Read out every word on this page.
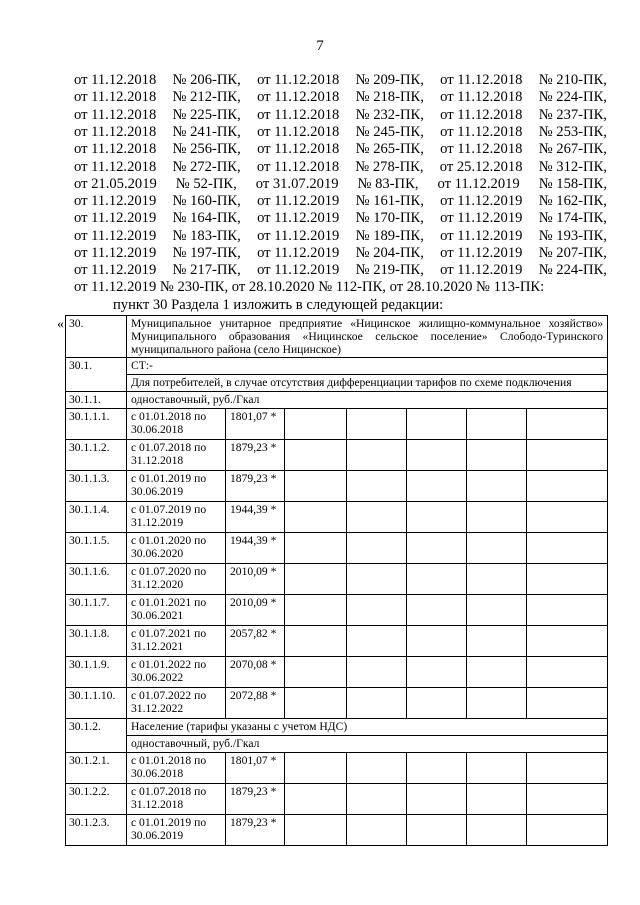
7
от 11.12.2018 № 206-ПК, от 11.12.2018 № 209-ПК, от 11.12.2018 № 210-ПК,
от 11.12.2018 № 212-ПК, от 11.12.2018 № 218-ПК, от 11.12.2018 № 224-ПК,
от 11.12.2018 № 225-ПК, от 11.12.2018 № 232-ПК, от 11.12.2018 № 237-ПК,
от 11.12.2018 № 241-ПК, от 11.12.2018 № 245-ПК, от 11.12.2018 № 253-ПК,
от 11.12.2018 № 256-ПК, от 11.12.2018 № 265-ПК, от 11.12.2018 № 267-ПК,
от 11.12.2018 № 272-ПК, от 11.12.2018 № 278-ПК, от 25.12.2018 № 312-ПК,
от 21.05.2019 № 52-ПК, от 31.07.2019 № 83-ПК, от 11.12.2019 № 158-ПК,
от 11.12.2019 № 160-ПК, от 11.12.2019 № 161-ПК, от 11.12.2019 № 162-ПК,
от 11.12.2019 № 164-ПК, от 11.12.2019 № 170-ПК, от 11.12.2019 № 174-ПК,
от 11.12.2019 № 183-ПК, от 11.12.2019 № 189-ПК, от 11.12.2019 № 193-ПК,
от 11.12.2019 № 197-ПК, от 11.12.2019 № 204-ПК, от 11.12.2019 № 207-ПК,
от 11.12.2019 № 217-ПК, от 11.12.2019 № 219-ПК, от 11.12.2019 № 224-ПК,
от 11.12.2019 № 230-ПК, от 28.10.2020 № 112-ПК, от 28.10.2020 № 113-ПК:
пункт 30 Раздела 1 изложить в следующей редакции:
« 30.	Муниципальное унитарное предприятие «Ницинское жилищно-коммунальное хозяйство» Муниципального образования «Ницинское сельское поселение» Слободо-Туринского муниципального района (село Ницинское)						
30.1.	СТ:-						
	Для потребителей, в случае отсутствия дифференциации тарифов по схеме подключения						
30.1.1.	одноставочный, руб./Гкал						
30.1.1.1.	с 01.01.2018 по 30.06.2018	1801,07 *					
30.1.1.2.	с 01.07.2018 по 31.12.2018	1879,23 *					
30.1.1.3.	с 01.01.2019 по 30.06.2019	1879,23 *					
30.1.1.4.	с 01.07.2019 по 31.12.2019	1944,39 *					
30.1.1.5.	с 01.01.2020 по 30.06.2020	1944,39 *					
30.1.1.6.	с 01.07.2020 по 31.12.2020	2010,09 *					
30.1.1.7.	с 01.01.2021 по 30.06.2021	2010,09 *					
30.1.1.8.	с 01.07.2021 по 31.12.2021	2057,82 *					
30.1.1.9.	с 01.01.2022 по 30.06.2022	2070,08 *					
30.1.1.10.	с 01.07.2022 по 31.12.2022	2072,88 *					
30.1.2.	Население (тарифы указаны с учетом НДС)						
	одноставочный, руб./Гкал						
30.1.2.1.	с 01.01.2018 по 30.06.2018	1801,07 *					
30.1.2.2.	с 01.07.2018 по 31.12.2018	1879,23 *					
30.1.2.3.	с 01.01.2019 по 30.06.2019	1879,23 *					
